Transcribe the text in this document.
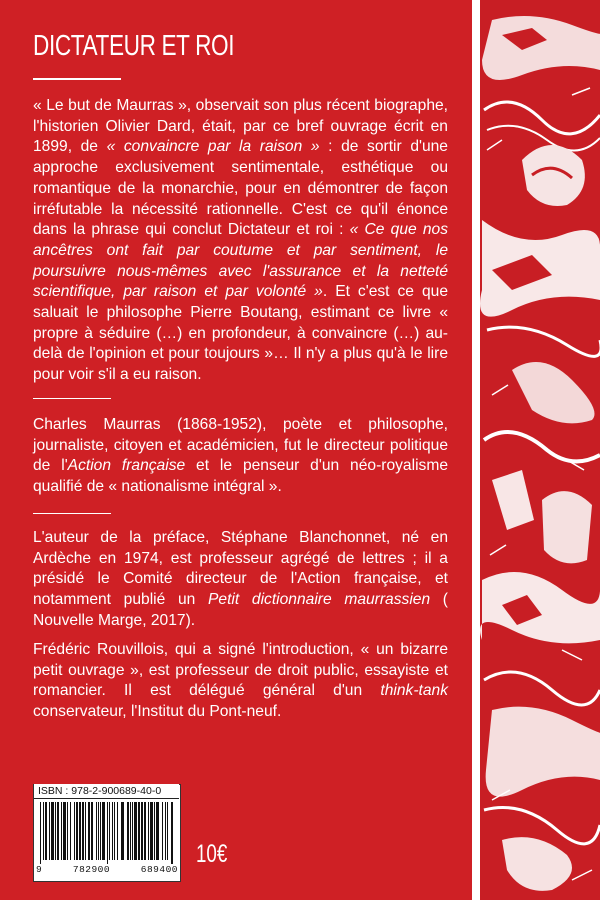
DICTATEUR ET ROI
« Le but de Maurras », observait son plus récent biographe, l'historien Olivier Dard, était, par ce bref ouvrage écrit en 1899, de « convaincre par la raison » : de sortir d'une approche exclusivement sentimentale, esthétique ou romantique de la monarchie, pour en démontrer de façon irréfutable la nécessité rationnelle. C'est ce qu'il énonce dans la phrase qui conclut Dictateur et roi : « Ce que nos ancêtres ont fait par coutume et par sentiment, le poursuivre nous-mêmes avec l'assurance et la netteté scientifique, par raison et par volonté ». Et c'est ce que saluait le philosophe Pierre Boutang, estimant ce livre « propre à séduire (…) en profondeur, à convaincre (…) au-delà de l'opinion et pour toujours »… Il n'y a plus qu'à le lire pour voir s'il a eu raison.
Charles Maurras (1868-1952), poète et philosophe, journaliste, citoyen et académicien, fut le directeur politique de l'Action française et le penseur d'un néo-royalisme qualifié de « nationalisme intégral ».
L'auteur de la préface, Stéphane Blanchonnet, né en Ardèche en 1974, est professeur agrégé de lettres ; il a présidé le Comité directeur de l'Action française, et notamment publié un Petit dictionnaire maurrassien ( Nouvelle Marge, 2017).
Frédéric Rouvillois, qui a signé l'introduction, « un bizarre petit ouvrage », est professeur de droit public, essayiste et romancier. Il est délégué général d'un think-tank conservateur, l'Institut du Pont-neuf.
ISBN : 978-2-900689-40-0
9	782900	689400
10€
